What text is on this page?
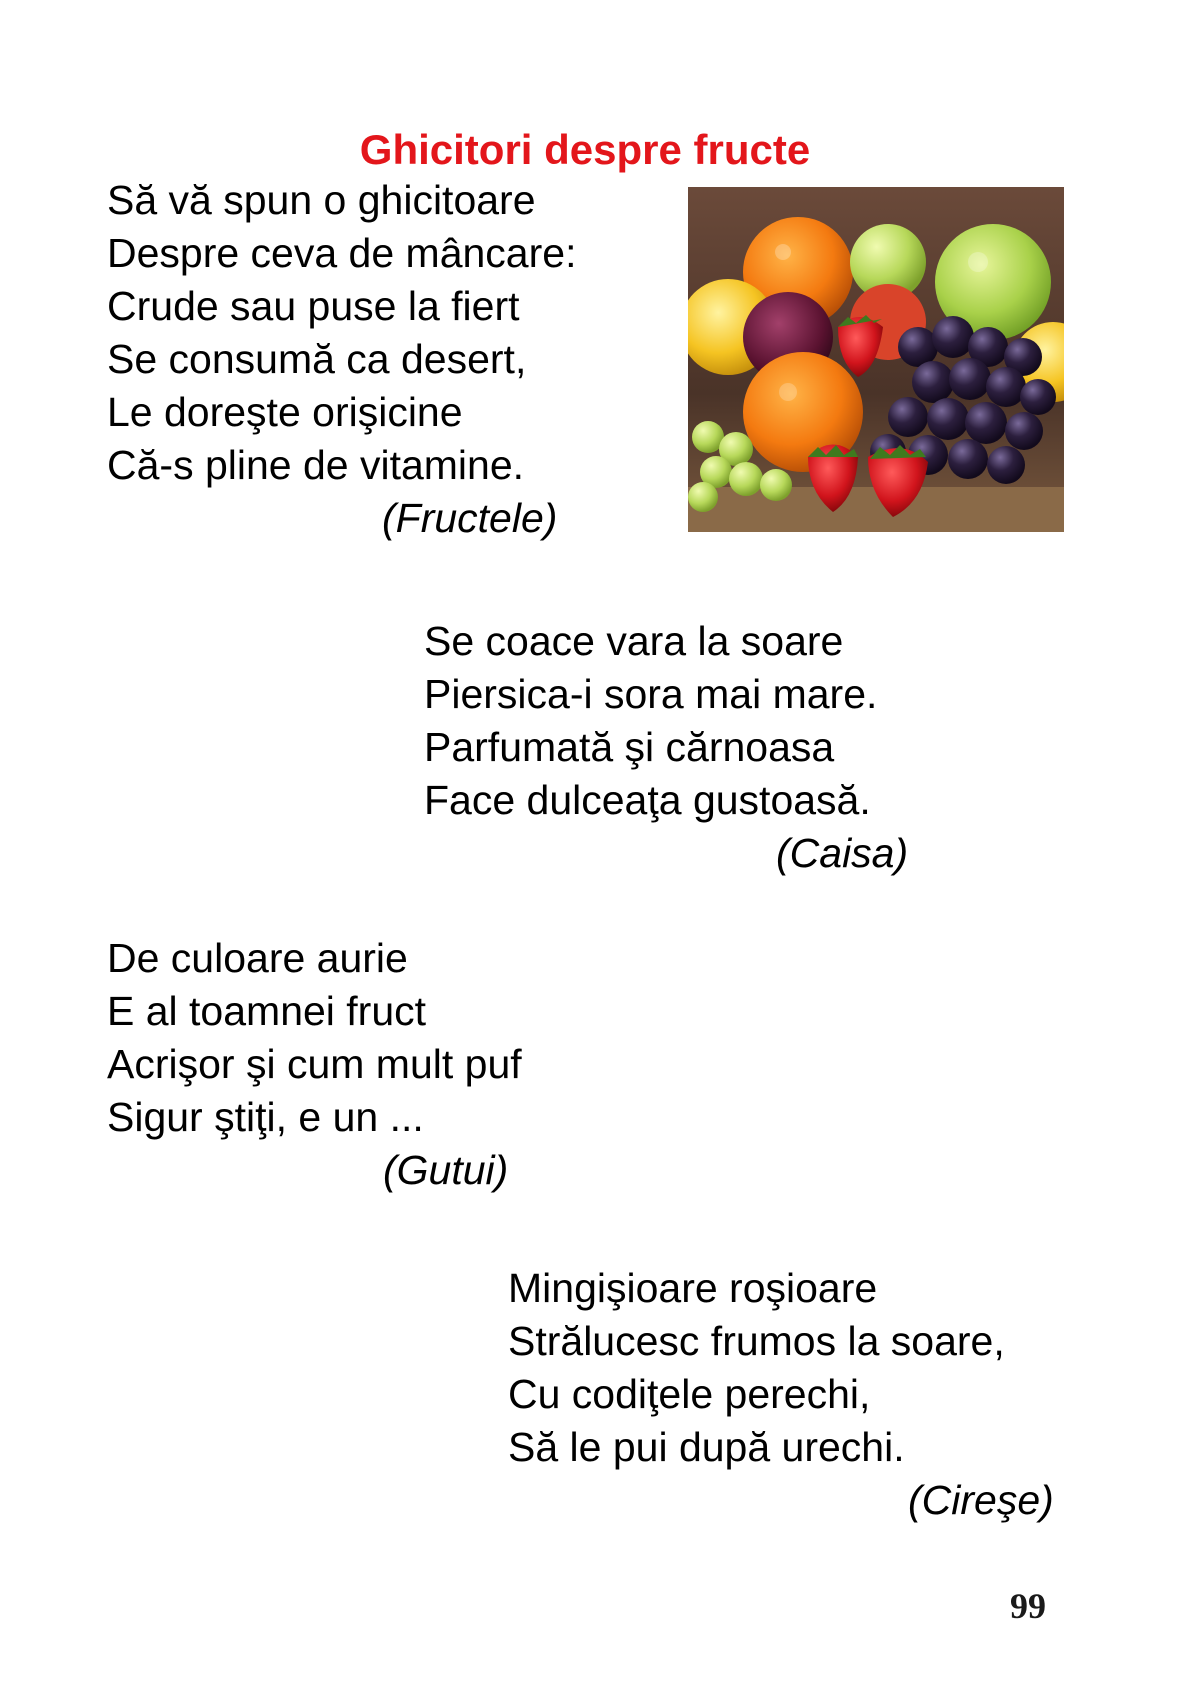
Ghicitori despre fructe
Să vă spun o ghicitoare
Despre ceva de mâncare:
Crude sau puse la fiert
Se consumă ca desert,
Le doreşte orişicine
Că-s pline de vitamine.
(Fructele)
Se coace vara la soare
Piersica-i sora mai mare.
Parfumată şi cărnoasa
Face dulceaţa gustoasă.
(Caisa)
De culoare aurie
E al toamnei fruct
Acrişor şi cum mult puf
Sigur ştiţi, e un ...
(Gutui)
Mingişioare roşioare
Strălucesc frumos la soare,
Cu codiţele perechi,
Să le pui după urechi.
(Cireşe)
99
